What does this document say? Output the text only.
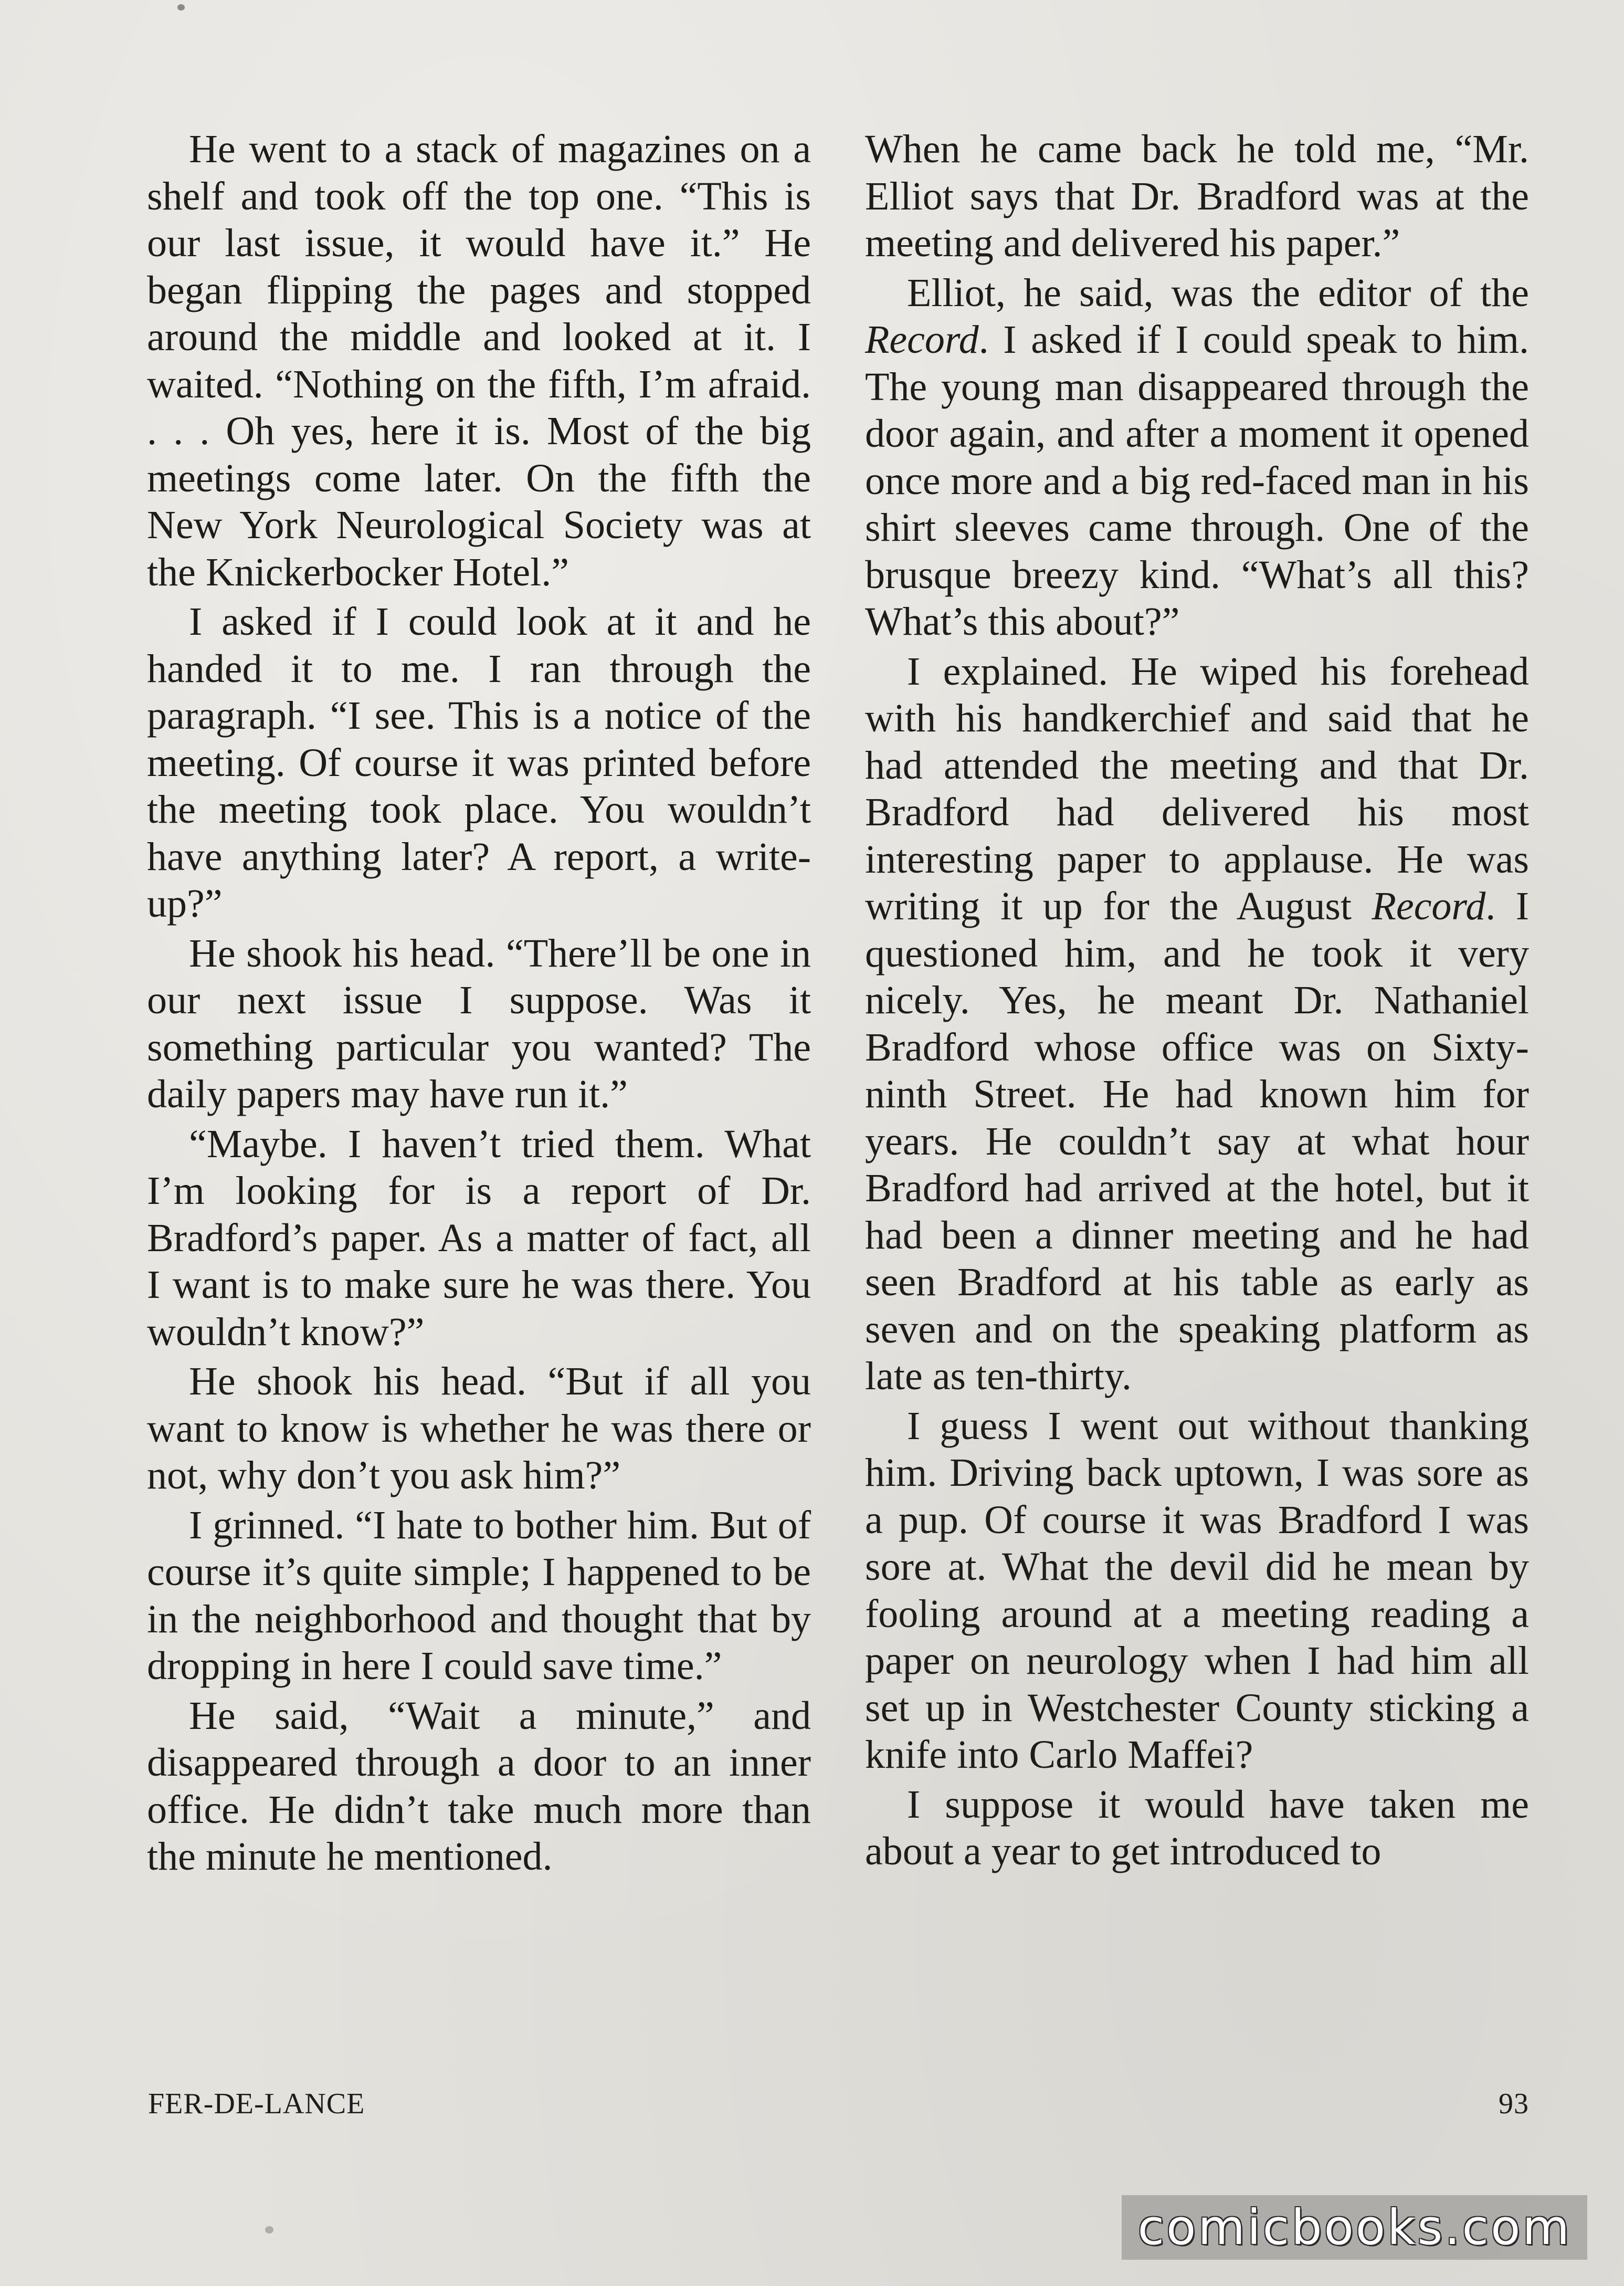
He went to a stack of magazines on a shelf and took off the top one. “This is our last issue, it would have it.” He began flipping the pages and stopped around the middle and looked at it. I waited. “Nothing on the fifth, I’m afraid. . . . Oh yes, here it is. Most of the big meetings come later. On the fifth the New York Neurological Society was at the Knickerbocker Hotel.”

I asked if I could look at it and he handed it to me. I ran through the paragraph. “I see. This is a notice of the meeting. Of course it was printed before the meeting took place. You wouldn’t have anything later? A report, a write-up?”

He shook his head. “There’ll be one in our next issue I suppose. Was it something particular you wanted? The daily papers may have run it.”

“Maybe. I haven’t tried them. What I’m looking for is a report of Dr. Bradford’s paper. As a matter of fact, all I want is to make sure he was there. You wouldn’t know?”

He shook his head. “But if all you want to know is whether he was there or not, why don’t you ask him?”

I grinned. “I hate to bother him. But of course it’s quite simple; I happened to be in the neighborhood and thought that by dropping in here I could save time.”

He said, “Wait a minute,” and disappeared through a door to an inner office. He didn’t take much more than the minute he mentioned.

When he came back he told me, “Mr. Elliot says that Dr. Bradford was at the meeting and delivered his paper.”

Elliot, he said, was the editor of the Record. I asked if I could speak to him. The young man disappeared through the door again, and after a moment it opened once more and a big red-faced man in his shirt sleeves came through. One of the brusque breezy kind. “What’s all this? What’s this about?”

I explained. He wiped his forehead with his handkerchief and said that he had attended the meeting and that Dr. Bradford had delivered his most interesting paper to applause. He was writing it up for the August Record. I questioned him, and he took it very nicely. Yes, he meant Dr. Nathaniel Bradford whose office was on Sixty-ninth Street. He had known him for years. He couldn’t say at what hour Bradford had arrived at the hotel, but it had been a dinner meeting and he had seen Bradford at his table as early as seven and on the speaking platform as late as ten-thirty.

I guess I went out without thanking him. Driving back uptown, I was sore as a pup. Of course it was Bradford I was sore at. What the devil did he mean by fooling around at a meeting reading a paper on neurology when I had him all set up in Westchester County sticking a knife into Carlo Maffei?

I suppose it would have taken me about a year to get introduced to

FER-DE-LANCE	93
comicbooks.com
